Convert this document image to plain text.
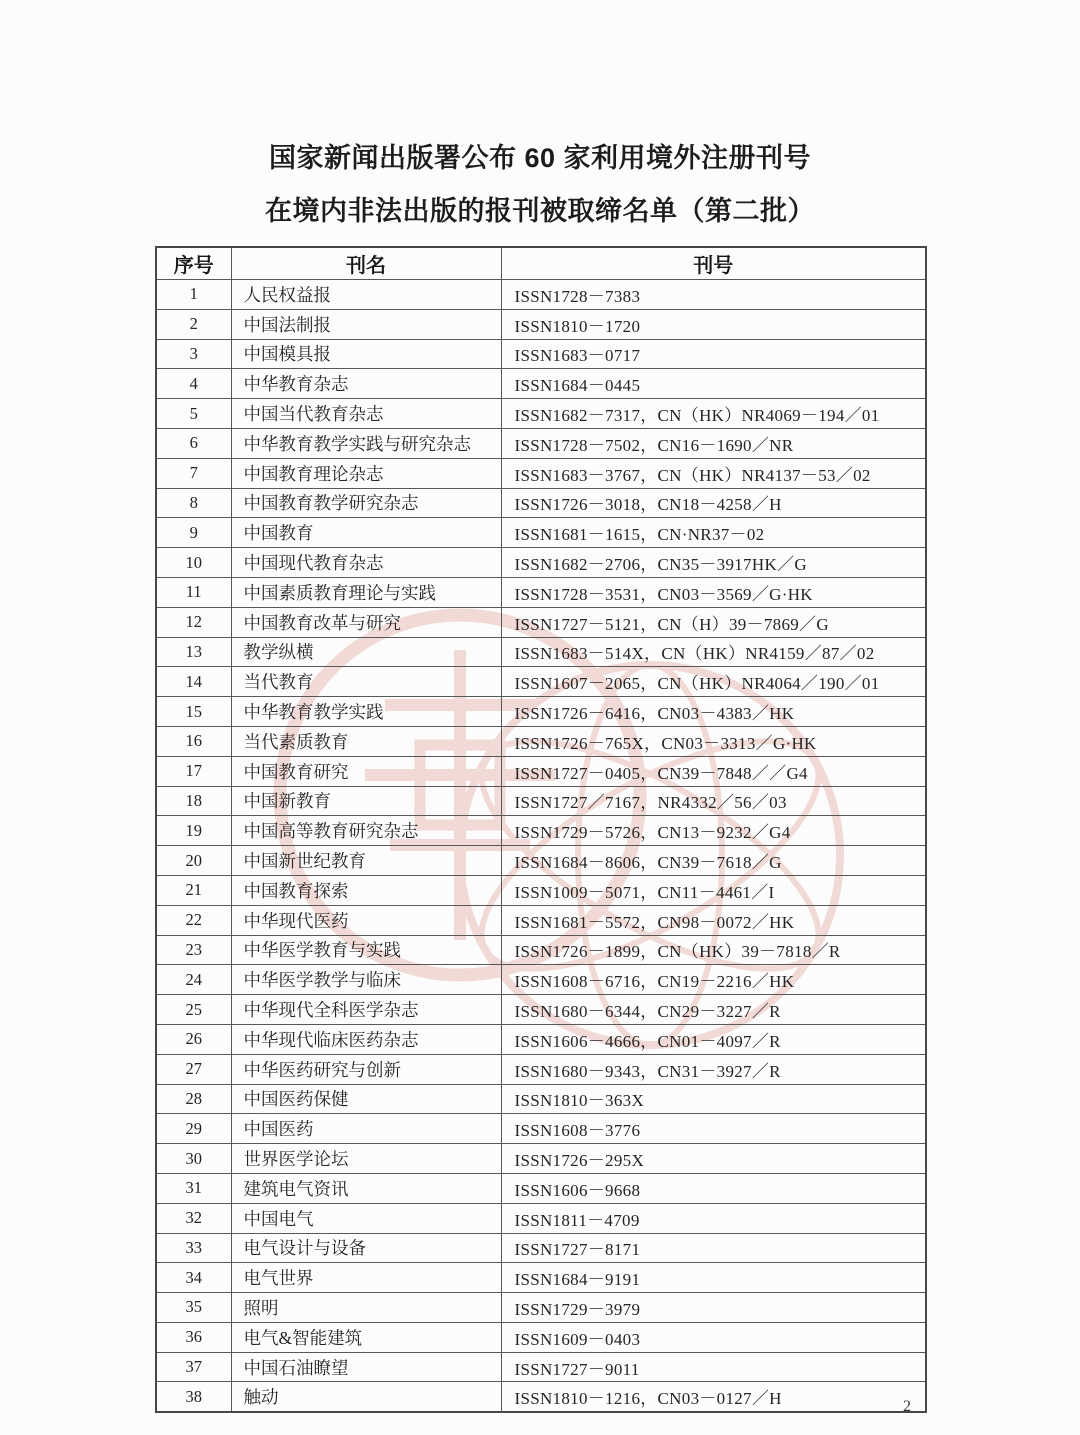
国家新闻出版署公布 60 家利用境外注册刊号
在境内非法出版的报刊被取缔名单（第二批）
序号	刊名	刊号
1	人民权益报	ISSN1728－7383
2	中国法制报	ISSN1810－1720
3	中国模具报	ISSN1683－0717
4	中华教育杂志	ISSN1684－0445
5	中国当代教育杂志	ISSN1682－7317，CN（HK）NR4069－194／01
6	中华教育教学实践与研究杂志	ISSN1728－7502，CN16－1690／NR
7	中国教育理论杂志	ISSN1683－3767，CN（HK）NR4137－53／02
8	中国教育教学研究杂志	ISSN1726－3018，CN18－4258／H
9	中国教育	ISSN1681－1615，CN·NR37－02
10	中国现代教育杂志	ISSN1682－2706，CN35－3917HK／G
11	中国素质教育理论与实践	ISSN1728－3531，CN03－3569／G·HK
12	中国教育改革与研究	ISSN1727－5121，CN（H）39－7869／G
13	教学纵横	ISSN1683－514X，CN（HK）NR4159／87／02
14	当代教育	ISSN1607－2065，CN（HK）NR4064／190／01
15	中华教育教学实践	ISSN1726－6416，CN03－4383／HK
16	当代素质教育	ISSN1726－765X，CN03－3313／G·HK
17	中国教育研究	ISSN1727－0405，CN39－7848／／G4
18	中国新教育	ISSN1727／7167，NR4332／56／03
19	中国高等教育研究杂志	ISSN1729－5726，CN13－9232／G4
20	中国新世纪教育	ISSN1684－8606，CN39－7618／G
21	中国教育探索	ISSN1009－5071，CN11－4461／I
22	中华现代医药	ISSN1681－5572，CN98－0072／HK
23	中华医学教育与实践	ISSN1726－1899，CN（HK）39－7818／R
24	中华医学教学与临床	ISSN1608－6716，CN19－2216／HK
25	中华现代全科医学杂志	ISSN1680－6344，CN29－3227／R
26	中华现代临床医药杂志	ISSN1606－4666，CN01－4097／R
27	中华医药研究与创新	ISSN1680－9343，CN31－3927／R
28	中国医药保健	ISSN1810－363X
29	中国医药	ISSN1608－3776
30	世界医学论坛	ISSN1726－295X
31	建筑电气资讯	ISSN1606－9668
32	中国电气	ISSN1811－4709
33	电气设计与设备	ISSN1727－8171
34	电气世界	ISSN1684－9191
35	照明	ISSN1729－3979
36	电气&智能建筑	ISSN1609－0403
37	中国石油瞭望	ISSN1727－9011
38	触动	ISSN1810－1216，CN03－0127／H	2
